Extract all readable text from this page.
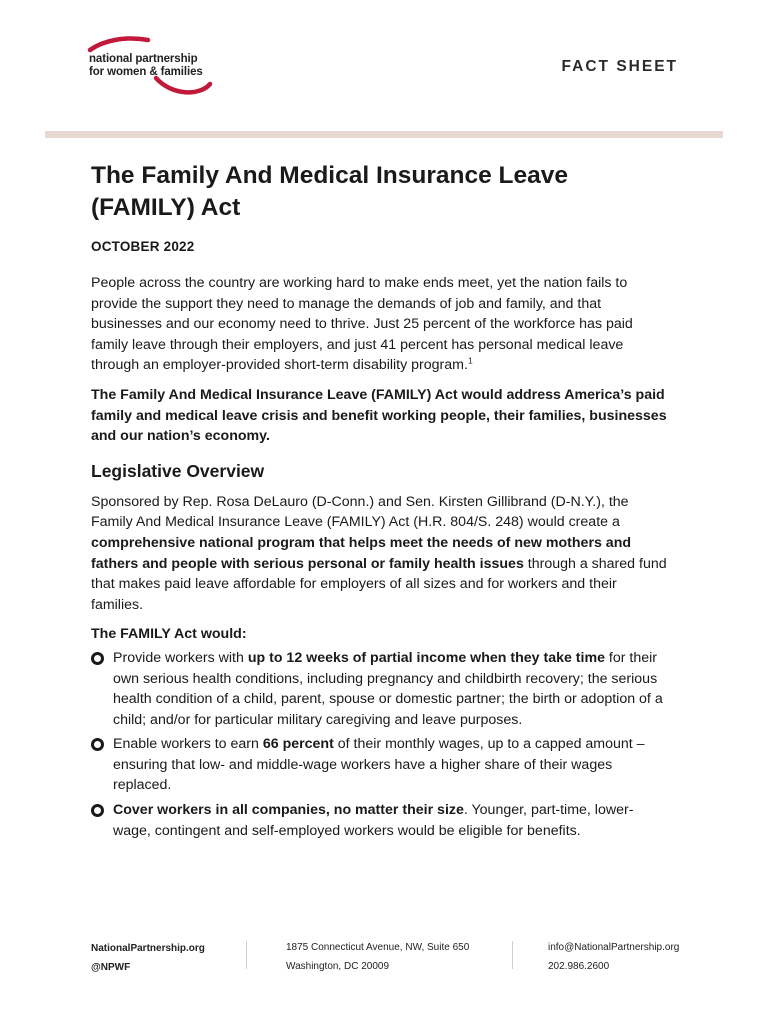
national partnership
for women & families	FACT SHEET
The Family And Medical Insurance Leave
(FAMILY) Act
OCTOBER 2022

People across the country are working hard to make ends meet, yet the nation fails to provide the support they need to manage the demands of job and family, and that businesses and our economy need to thrive. Just 25 percent of the workforce has paid family leave through their employers, and just 41 percent has personal medical leave through an employer-provided short-term disability program.$^1$

The Family And Medical Insurance Leave (FAMILY) Act would address America’s paid family and medical leave crisis and benefit working people, their families, businesses and our nation’s economy.

Legislative Overview

Sponsored by Rep. Rosa DeLauro (D-Conn.) and Sen. Kirsten Gillibrand (D-N.Y.), the Family And Medical Insurance Leave (FAMILY) Act (H.R. 804/S. 248) would create a comprehensive national program that helps meet the needs of new mothers and fathers and people with serious personal or family health issues through a shared fund that makes paid leave affordable for employers of all sizes and for workers and their families.

The FAMILY Act would:

Provide workers with up to 12 weeks of partial income when they take time for their own serious health conditions, including pregnancy and childbirth recovery; the serious health condition of a child, parent, spouse or domestic partner; the birth or adoption of a child; and/or for particular military caregiving and leave purposes.
Enable workers to earn 66 percent of their monthly wages, up to a capped amount – ensuring that low- and middle-wage workers have a higher share of their wages replaced.
Cover workers in all companies, no matter their size. Younger, part-time, lower-wage, contingent and self-employed workers would be eligible for benefits.
NationalPartnership.org
@NPWF
1875 Connecticut Avenue, NW, Suite 650
Washington, DC 20009
info@NationalPartnership.org
202.986.2600
